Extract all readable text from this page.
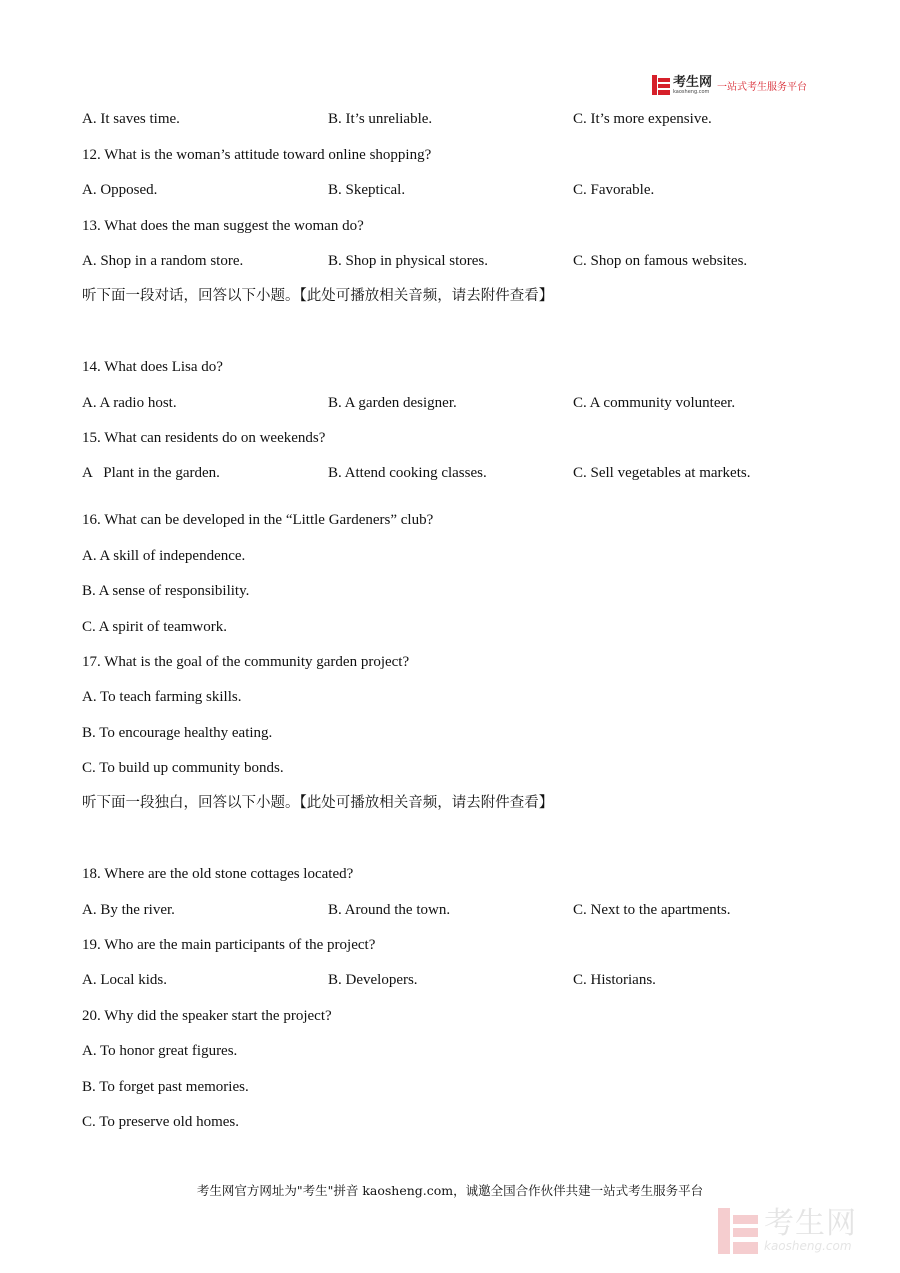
考生网
kaosheng.com 一站式考生服务平台
A. It saves time.	B. It’s unreliable.	C. It’s more expensive.
12. What is the woman’s attitude toward online shopping?
A. Opposed.	B. Skeptical.	C. Favorable.
13. What does the man suggest the woman do?
A. Shop in a random store.	B. Shop in physical stores.	C. Shop on famous websites.
听下面一段对话，回答以下小题。【此处可播放相关音频，请去附件查看】
14. What does Lisa do?
A. A radio host.	B. A garden designer.	C. A community volunteer.
15. What can residents do on weekends?
A   Plant in the garden.	B. Attend cooking classes.	C. Sell vegetables at markets.
16. What can be developed in the “Little Gardeners” club?
A. A skill of independence.
B. A sense of responsibility.
C. A spirit of teamwork.
17. What is the goal of the community garden project?
A. To teach farming skills.
B. To encourage healthy eating.
C. To build up community bonds.
听下面一段独白，回答以下小题。【此处可播放相关音频，请去附件查看】
18. Where are the old stone cottages located?
A. By the river.	B. Around the town.	C. Next to the apartments.
19. Who are the main participants of the project?
A. Local kids.	B. Developers.	C. Historians.
20. Why did the speaker start the project?
A. To honor great figures.
B. To forget past memories.
C. To preserve old homes.
考生网官方网址为"考生"拼音 kaosheng.com，诚邀全国合作伙伴共建一站式考生服务平台
考生网
kaosheng.com
